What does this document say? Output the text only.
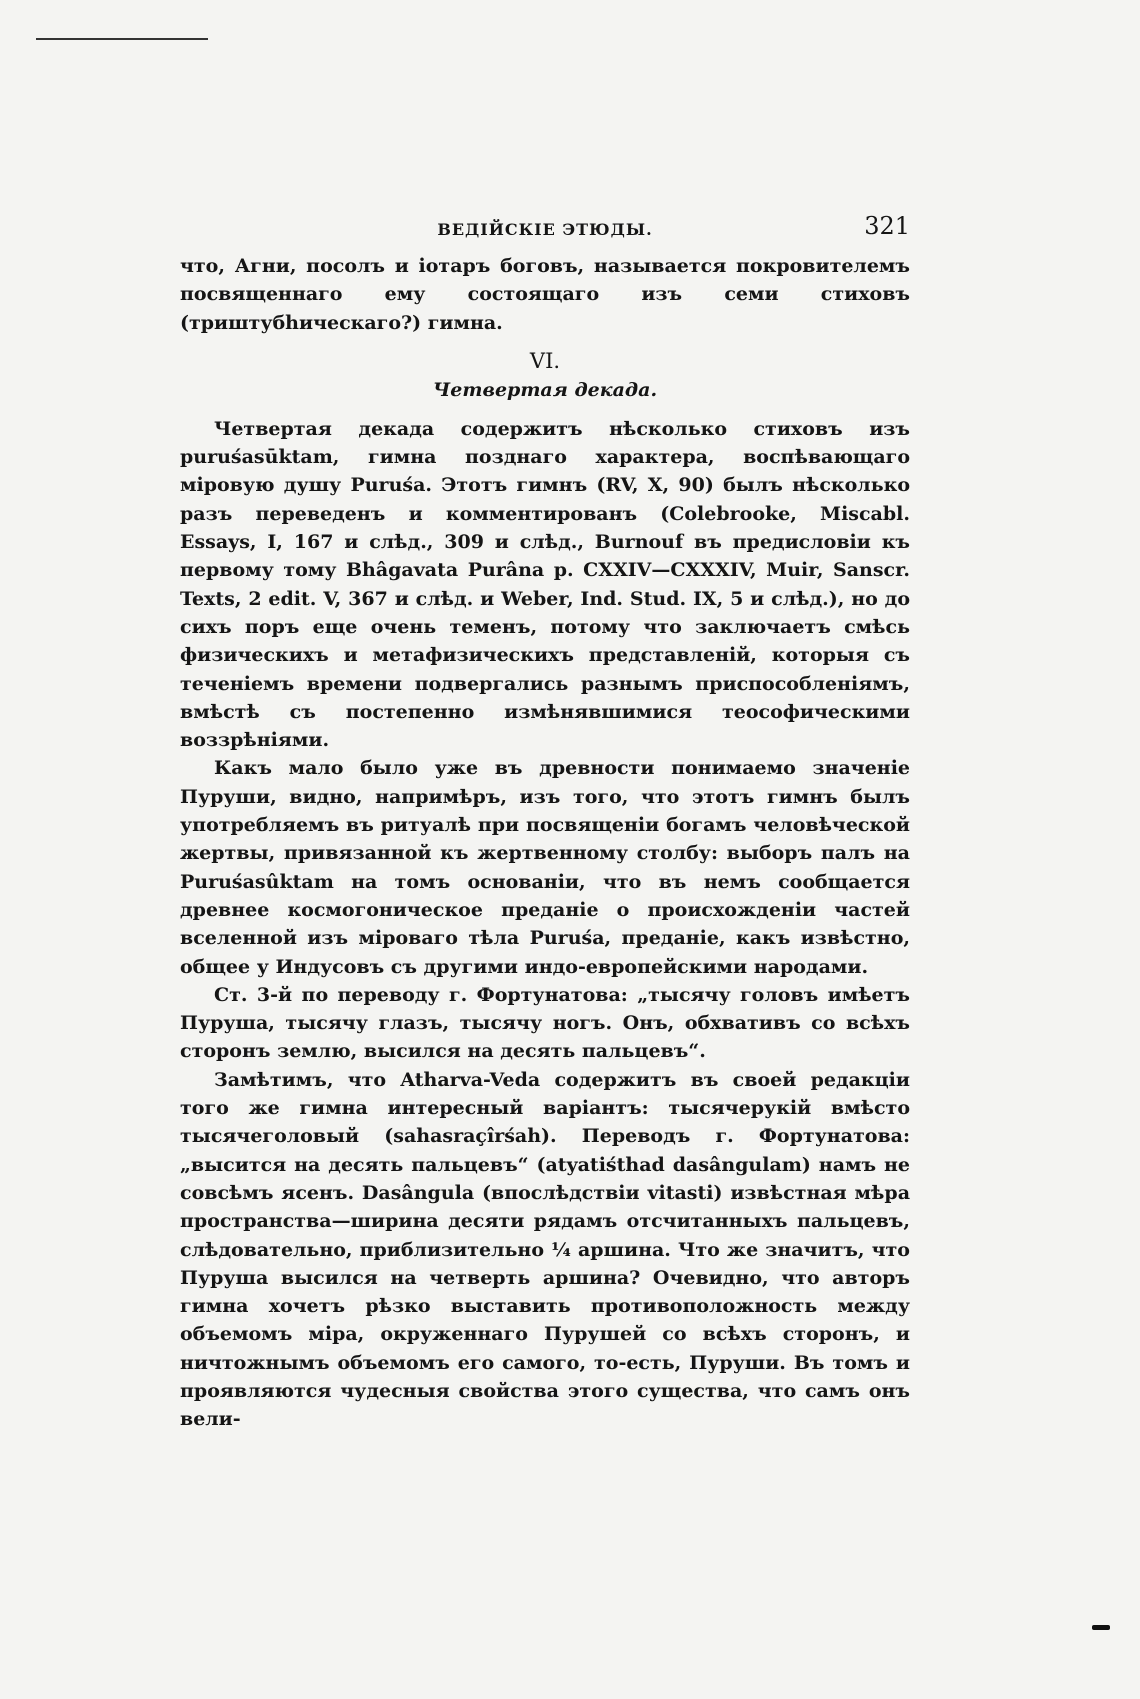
ВЕДІЙСКІЕ ЭТЮДЫ.	321

что, Агни, посолъ и іотаръ боговъ, называется покровителемъ посвященнаго ему состоящаго изъ семи стиховъ (триштубhическаго?) гимна.

VI.
Четвертая декада.

Четвертая декада содержитъ нѣсколько стиховъ изъ puruśasūktam, гимна позднаго характера, воспѣвающаго міровую душу Puruśa. Этотъ гимнъ (RV, X, 90) былъ нѣсколько разъ переведенъ и комментированъ (Colebrooke, Miscabl. Essays, I, 167 и слѣд., 309 и слѣд., Burnouf въ предисловіи къ первому тому Bhâgavata Purâna p. CXXIV—CXXXIV, Muir, Sanscr. Texts, 2 edit. V, 367 и слѣд. и Weber, Ind. Stud. IX, 5 и слѣд.), но до сихъ поръ еще очень теменъ, потому что заключаетъ смѣсь физическихъ и метафизическихъ представленій, которыя съ теченіемъ времени подвергались разнымъ приспособленіямъ, вмѣстѣ съ постепенно измѣнявшимися теософическими воззрѣніями.

Какъ мало было уже въ древности понимаемо значеніе Пуруши, видно, напримѣръ, изъ того, что этотъ гимнъ былъ употребляемъ въ ритуалѣ при посвященіи богамъ человѣческой жертвы, привязанной къ жертвенному столбу: выборъ палъ на Puruśasûktam на томъ основаніи, что въ немъ сообщается древнее космогоническое преданіе о происхожденіи частей вселенной изъ міроваго тѣла Puruśa, преданіе, какъ извѣстно, общее у Индусовъ съ другими индо-европейскими народами.

Ст. 3-й по переводу г. Фортунатова: „тысячу головъ имѣетъ Пуруша, тысячу глазъ, тысячу ногъ. Онъ, обхвативъ со всѣхъ сторонъ землю, высился на десять пальцевъ“.

Замѣтимъ, что Atharva-Veda содержитъ въ своей редакціи того же гимна интересный варіантъ: тысячерукій вмѣсто тысячеголовый (sahasraçîrśah). Переводъ г. Фортунатова: „высится на десять пальцевъ“ (atyatiśthad dasângulam) намъ не совсѣмъ ясенъ. Dasângula (впослѣдствіи vitasti) извѣстная мѣра пространства—ширина десяти рядамъ отсчитанныхъ пальцевъ, слѣдовательно, приблизительно ¼ аршина. Что же значитъ, что Пуруша высился на четверть аршина? Очевидно, что авторъ гимна хочетъ рѣзко выставить противоположность между объемомъ міра, окруженнаго Пурушей со всѣхъ сторонъ, и ничтожнымъ объемомъ его самого, то-есть, Пуруши. Въ томъ и проявляются чудесныя свойства этого существа, что самъ онъ вели-
